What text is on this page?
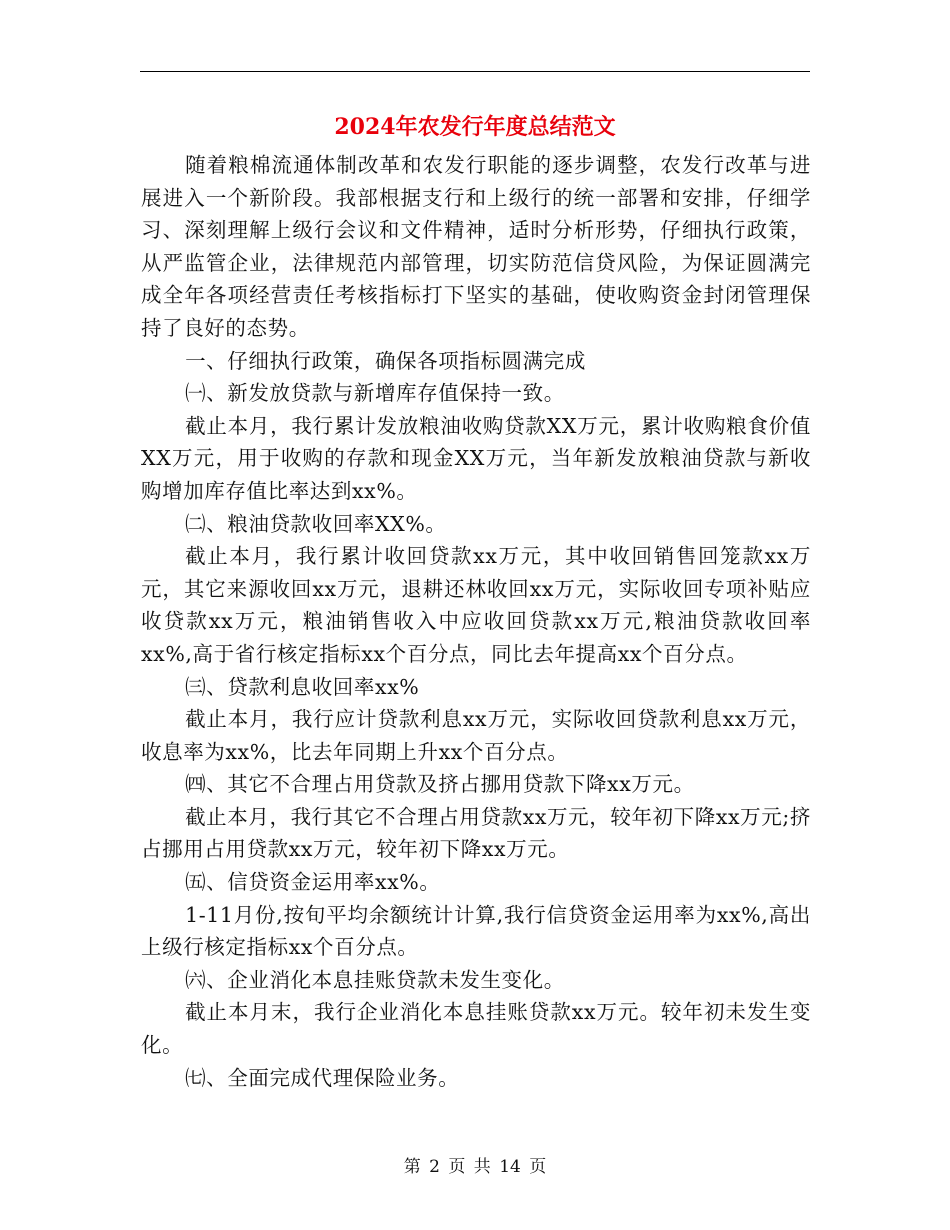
2024年农发行年度总结范文

随着粮棉流通体制改革和农发行职能的逐步调整，农发行改革与进展进入一个新阶段。我部根据支行和上级行的统一部署和安排，仔细学习、深刻理解上级行会议和文件精神，适时分析形势，仔细执行政策，从严监管企业，法律规范内部管理，切实防范信贷风险，为保证圆满完成全年各项经营责任考核指标打下坚实的基础，使收购资金封闭管理保持了良好的态势。

一、仔细执行政策，确保各项指标圆满完成

㈠、新发放贷款与新增库存值保持一致。

截止本月，我行累计发放粮油收购贷款XX万元，累计收购粮食价值XX万元，用于收购的存款和现金XX万元，当年新发放粮油贷款与新收购增加库存值比率达到xx%。

㈡、粮油贷款收回率XX%。

截止本月，我行累计收回贷款xx万元，其中收回销售回笼款xx万元，其它来源收回xx万元，退耕还林收回xx万元，实际收回专项补贴应收贷款xx万元，粮油销售收入中应收回贷款xx万元,粮油贷款收回率xx%,高于省行核定指标xx个百分点，同比去年提高xx个百分点。

㈢、贷款利息收回率xx%

截止本月，我行应计贷款利息xx万元，实际收回贷款利息xx万元，收息率为xx%，比去年同期上升xx个百分点。

㈣、其它不合理占用贷款及挤占挪用贷款下降xx万元。

截止本月，我行其它不合理占用贷款xx万元，较年初下降xx万元;挤占挪用占用贷款xx万元，较年初下降xx万元。

㈤、信贷资金运用率xx%。

1-11月份,按旬平均余额统计计算,我行信贷资金运用率为xx%,高出上级行核定指标xx个百分点。

㈥、企业消化本息挂账贷款未发生变化。

截止本月末，我行企业消化本息挂账贷款xx万元。较年初未发生变化。

㈦、全面完成代理保险业务。

第 2 页 共 14 页
